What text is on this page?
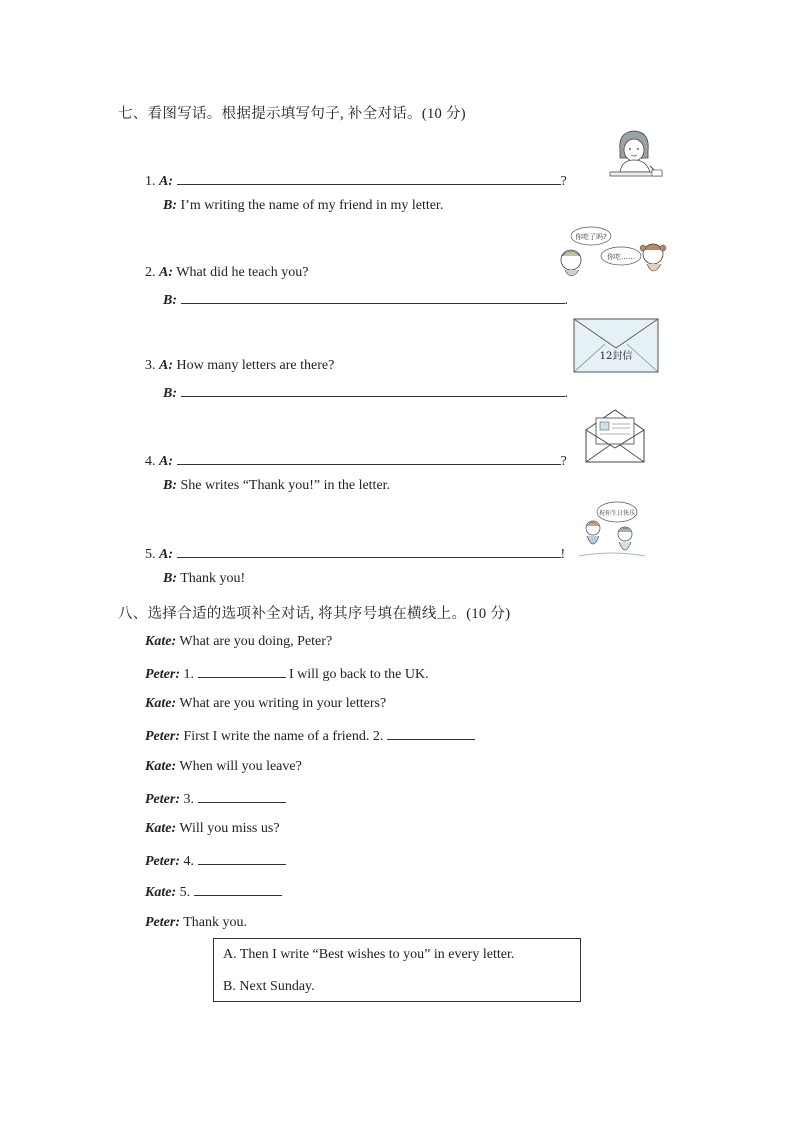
七、看图写话。根据提示填写句子, 补全对话。(10 分)
1. A:	?
B: I’m writing the name of my friend in my letter.
2. A: What did he teach you?
B:	.
3. A: How many letters are there?
B:	.
4. A:	?
B: She writes “Thank you!” in the letter.
5. A:	!
B: Thank you!
你吃了吗?
你吃……
12封信
祝你生日快乐
八、选择合适的选项补全对话, 将其序号填在横线上。(10 分)
Kate: What are you doing, Peter?
Peter: 1.	I will go back to the UK.
Kate: What are you writing in your letters?
Peter: First I write the name of a friend. 2.
Kate: When will you leave?
Peter: 3.
Kate: Will you miss us?
Peter: 4.
Kate: 5.
Peter: Thank you.
A. Then I write “Best wishes to you” in every letter.
B. Next Sunday.
